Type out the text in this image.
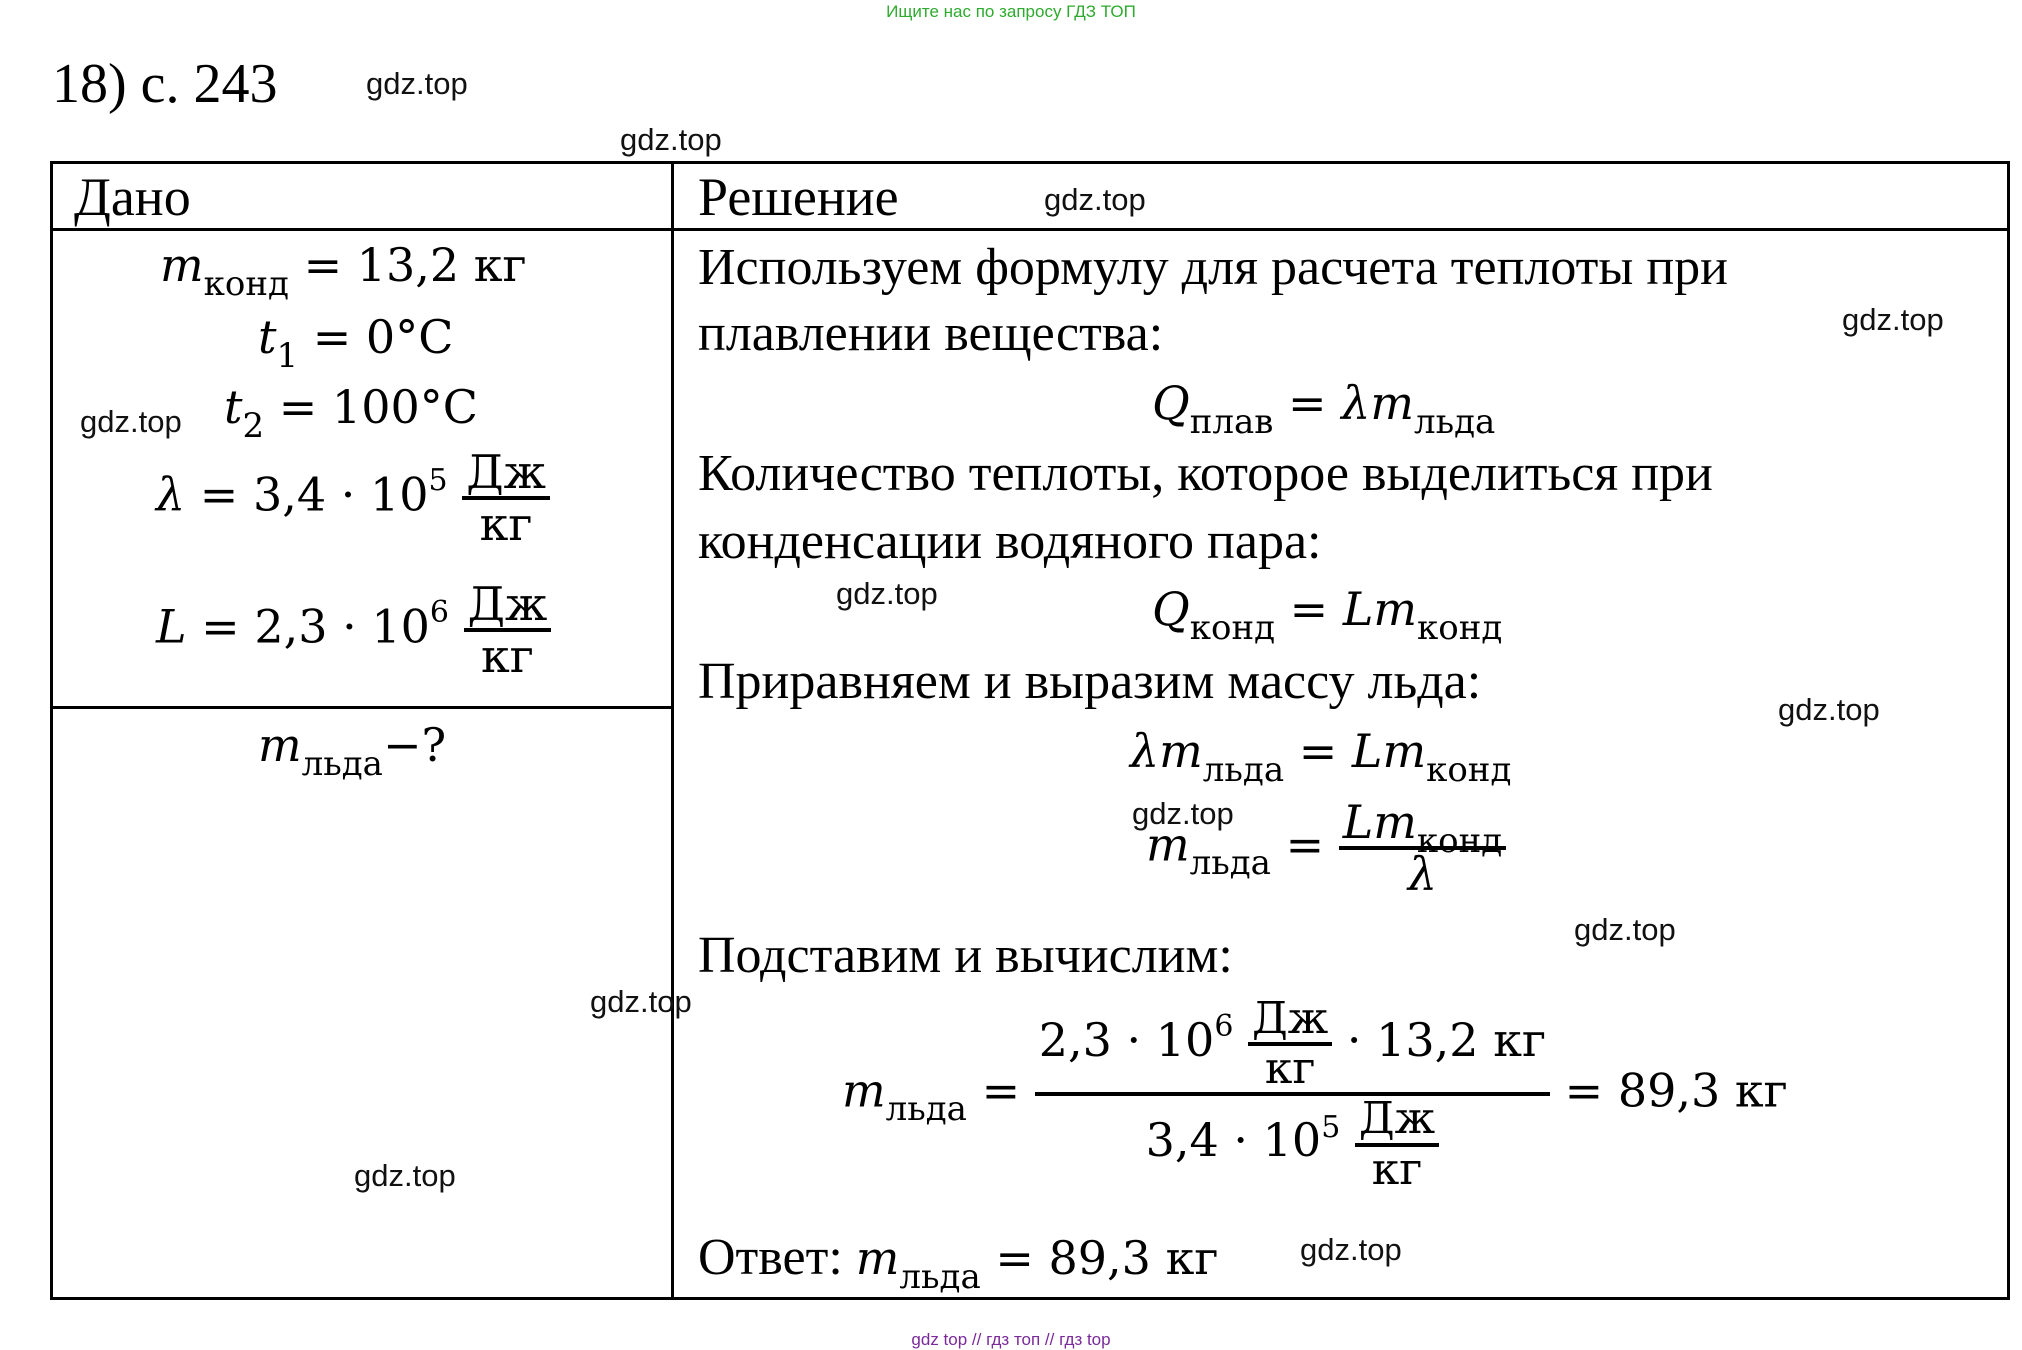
Ищите нас по запросу ГДЗ ТОП
18) с. 243
Дано	Решение
$m_{конд} = 13,2$ кг
$t_1 = 0^\circ C$
$t_2 = 100^\circ C$
$\lambda = 3,4 \cdot 10^5 \frac{Дж}{кг}$
$L = 2,3 \cdot 10^6 \frac{Дж}{кг}$
$m_{льда}-$?
Используем формулу для расчета теплоты при
плавлении вещества:
$Q_{плав} = \lambda m_{льда}$
Количество теплоты, которое выделиться при
конденсации водяного пара:
$Q_{конд} = Lm_{конд}$
Приравняем и выразим массу льда:
$\lambda m_{льда} = Lm_{конд}$
$m_{льда} = \frac{Lm_{конд}}{\lambda}$
Подставим и вычислим:
$m_{льда} = \frac{2,3 \cdot 10^6 \frac{Дж}{кг} \cdot 13,2 кг}{3,4 \cdot 10^5 \frac{Дж}{кг}} = 89,3$ кг
Ответ: $m_{льда} = 89,3$ кг
gdz.top
gdz.top
gdz.top
gdz.top
gdz.top
gdz.top
gdz.top
gdz.top
gdz.top
gdz.top
gdz.top
gdz.top
gdz top // гдз топ // гдз top
